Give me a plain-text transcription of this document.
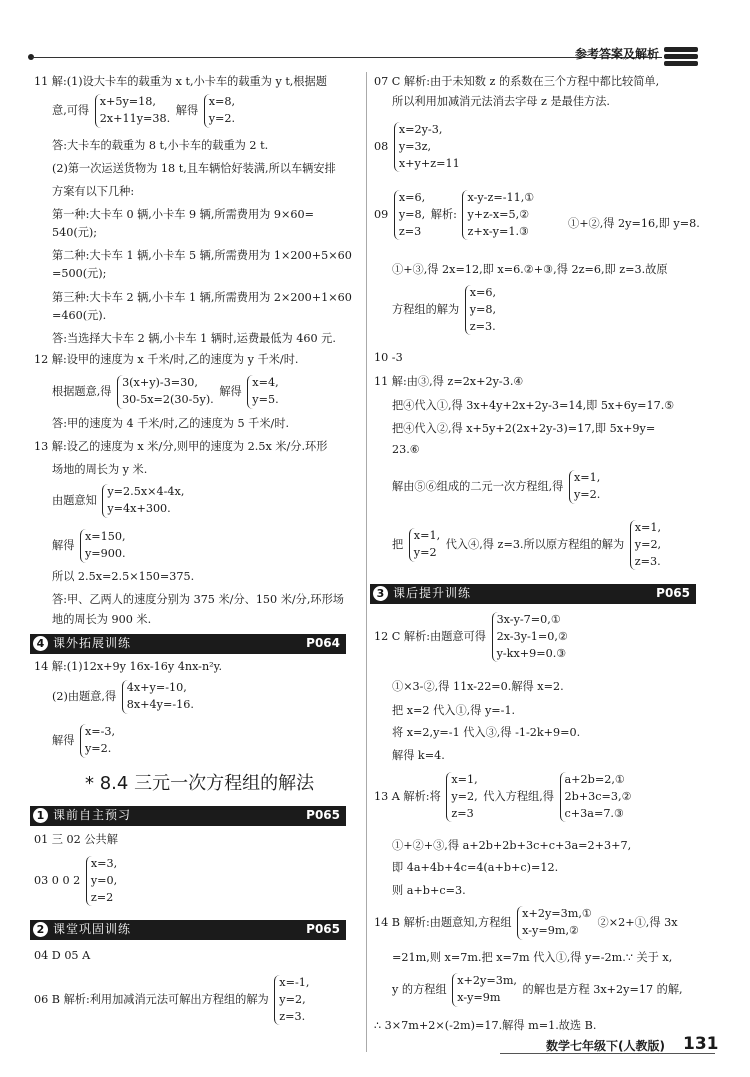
参考答案及解析
11 解:(1)设大卡车的载重为 x t,小卡车的载重为 y t,根据题
意,可得
x+5y=18,
2x+11y=38.
解得
x=8,
y=2.
答:大卡车的载重为 8 t,小卡车的载重为 2 t.
(2)第一次运送货物为 18 t,且车辆恰好装满,所以车辆安排
方案有以下几种:
第一种:大卡车 0 辆,小卡车 9 辆,所需费用为 9×60=
540(元);
第二种:大卡车 1 辆,小卡车 5 辆,所需费用为 1×200+5×60
=500(元);
第三种:大卡车 2 辆,小卡车 1 辆,所需费用为 2×200+1×60
=460(元).
答:当选择大卡车 2 辆,小卡车 1 辆时,运费最低为 460 元.
12 解:设甲的速度为 x 千米/时,乙的速度为 y 千米/时.
根据题意,得
3(x+y)-3=30,
30-5x=2(30-5y).
解得
x=4,
y=5.
答:甲的速度为 4 千米/时,乙的速度为 5 千米/时.
13 解:设乙的速度为 x 米/分,则甲的速度为 2.5x 米/分.环形
场地的周长为 y 米.
由题意知
y=2.5x×4-4x,
y=4x+300.
解得
x=150,
y=900.
所以 2.5x=2.5×150=375.
答:甲、乙两人的速度分别为 375 米/分、150 米/分,环形场
地的周长为 900 米.
4 课外拓展训练	P064
14 解:(1)12x+9y 16x-16y 4nx-n²y.
(2)由题意,得
4x+y=-10,
8x+4y=-16.
解得
x=-3,
y=2.
* 8.4 三元一次方程组的解法
1 课前自主预习	P065
01 三 02 公共解
03 0 0 2
x=3,
y=0,
z=2
2 课堂巩固训练	P065
04 D 05 A
06 B 解析:利用加减消元法可解出方程组的解为
x=-1,
y=2,
z=3.
07 C 解析:由于未知数 z 的系数在三个方程中都比较简单,
所以利用加减消元法消去字母 z 是最佳方法.
08
x=2y-3,
y=3z,
x+y+z=11
09
x=6,
y=8,
z=3
解析:
x-y-z=-11,①
y+z-x=5,②
z+x-y=1.③
①+②,得 2y=16,即 y=8.
①+③,得 2x=12,即 x=6.②+③,得 2z=6,即 z=3.故原
方程组的解为
x=6,
y=8,
z=3.
10 -3
11 解:由③,得 z=2x+2y-3.④
把④代入①,得 3x+4y+2x+2y-3=14,即 5x+6y=17.⑤
把④代入②,得 x+5y+2(2x+2y-3)=17,即 5x+9y=
23.⑥
解由⑤⑥组成的二元一次方程组,得
x=1,
y=2.
把
x=1,
y=2
代入④,得 z=3.所以原方程组的解为
x=1,
y=2,
z=3.
3 课后提升训练	P065
12 C 解析:由题意可得
3x-y-7=0,①
2x-3y-1=0,②
y-kx+9=0.③
①×3-②,得 11x-22=0.解得 x=2.
把 x=2 代入①,得 y=-1.
将 x=2,y=-1 代入③,得 -1-2k+9=0.
解得 k=4.
13 A 解析:将
x=1,
y=2,
z=3
代入方程组,得
a+2b=2,①
2b+3c=3,②
c+3a=7.③
①+②+③,得 a+2b+2b+3c+c+3a=2+3+7,
即 4a+4b+4c=4(a+b+c)=12.
则 a+b+c=3.
14 B 解析:由题意知,方程组
x+2y=3m,①
x-y=9m,②
②×2+①,得 3x
=21m,则 x=7m.把 x=7m 代入①,得 y=-2m.∵ 关于 x,
y 的方程组
x+2y=3m,
x-y=9m
的解也是方程 3x+2y=17 的解,
∴ 3×7m+2×(-2m)=17.解得 m=1.故选 B.
数学七年级下(人教版) 131
